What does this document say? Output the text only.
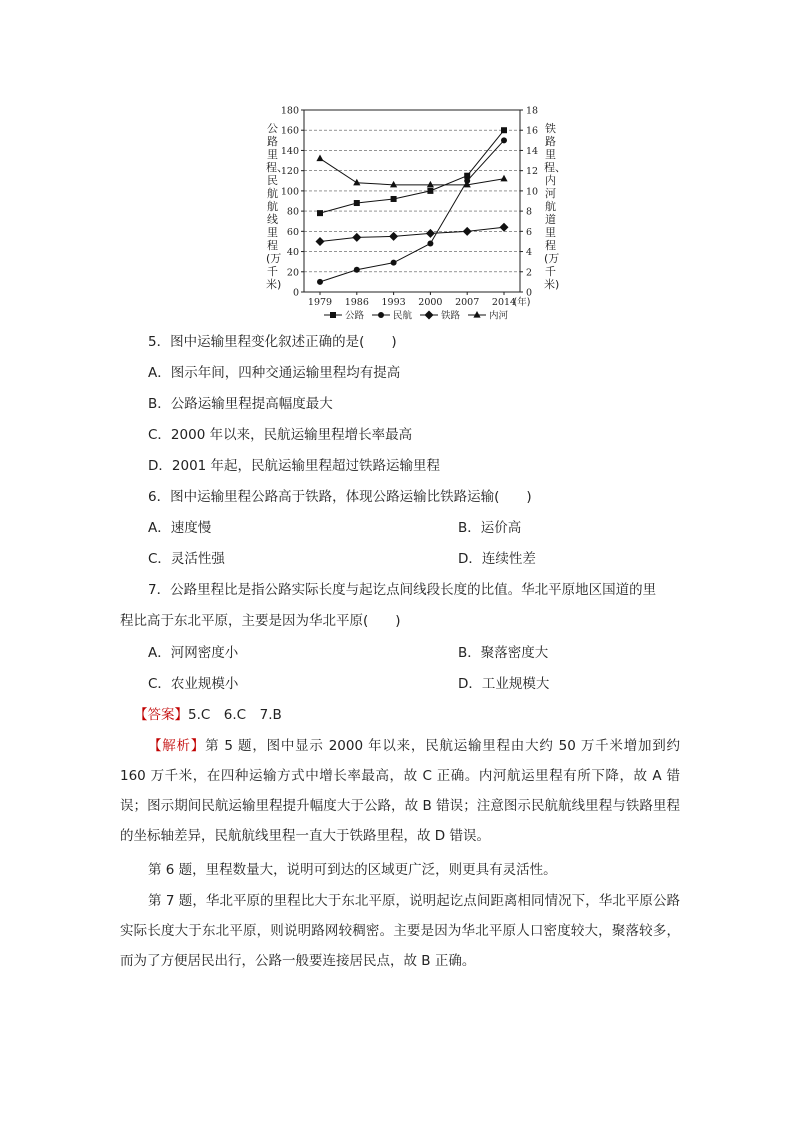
0
20
40
60
80
100
120
140
160
180
0
2
4
6
8
10
12
14
16
18
1979 1986 1993 2000 2007 2014
(年)
公路	民航	铁路	内河
公路里程、民航航线里程(万千米)
铁路里程、内河航道里程(万千米)
5．图中运输里程变化叙述正确的是(　　)
A．图示年间，四种交通运输里程均有提高
B．公路运输里程提高幅度最大
C．2000 年以来，民航运输里程增长率最高
D．2001 年起，民航运输里程超过铁路运输里程
6．图中运输里程公路高于铁路，体现公路运输比铁路运输(　　)
A．速度慢	B．运价高
C．灵活性强	D．连续性差
7．公路里程比是指公路实际长度与起讫点间线段长度的比值。华北平原地区国道的里
程比高于东北平原，主要是因为华北平原(　　)
A．河网密度小	B．聚落密度大
C．农业规模小	D．工业规模大
【答案】5.C　6.C　7.B
【解析】第 5 题，图中显示 2000 年以来，民航运输里程由大约 50 万千米增加到约 160 万千米，在四种运输方式中增长率最高，故 C 正确。内河航运里程有所下降，故 A 错误；图示期间民航运输里程提升幅度大于公路，故 B 错误；注意图示民航航线里程与铁路里程的坐标轴差异，民航航线里程一直大于铁路里程，故 D 错误。
第 6 题，里程数量大，说明可到达的区域更广泛，则更具有灵活性。
第 7 题，华北平原的里程比大于东北平原，说明起讫点间距离相同情况下，华北平原公路实际长度大于东北平原，则说明路网较稠密。主要是因为华北平原人口密度较大，聚落较多，而为了方便居民出行，公路一般要连接居民点，故 B 正确。
